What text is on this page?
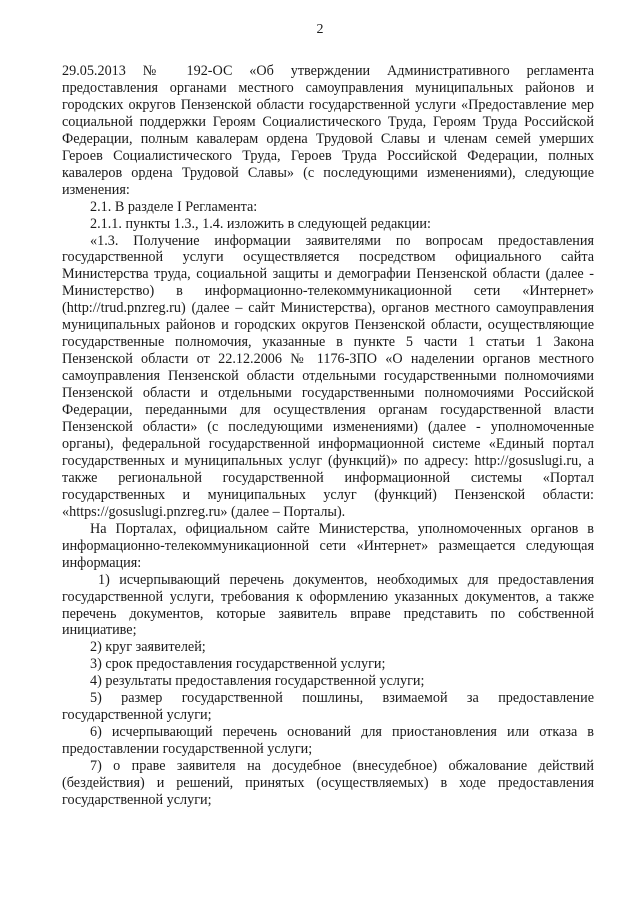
2

29.05.2013 № 192-ОС «Об утверждении Административного регламента предоставления органами местного самоуправления муниципальных районов и городских округов Пензенской области государственной услуги «Предоставление мер социальной поддержки Героям Социалистического Труда, Героям Труда Российской Федерации, полным кавалерам ордена Трудовой Славы и членам семей умерших Героев Социалистического Труда, Героев Труда Российской Федерации, полных кавалеров ордена Трудовой Славы» (с последующими изменениями), следующие изменения:

2.1. В разделе I Регламента:

2.1.1. пункты 1.3., 1.4. изложить в следующей редакции:

«1.3. Получение информации заявителями по вопросам предоставления государственной услуги осуществляется посредством официального сайта Министерства труда, социальной защиты и демографии Пензенской области (далее - Министерство) в информационно-телекоммуникационной сети «Интернет» (http://trud.pnzreg.ru) (далее – сайт Министерства), органов местного самоуправления муниципальных районов и городских округов Пензенской области, осуществляющие государственные полномочия, указанные в пункте 5 части 1 статьи 1 Закона Пензенской области от 22.12.2006 № 1176-ЗПО «О наделении органов местного самоуправления Пензенской области отдельными государственными полномочиями Пензенской области и отдельными государственными полномочиями Российской Федерации, переданными для осуществления органам государственной власти Пензенской области» (с последующими изменениями) (далее - уполномоченные органы), федеральной государственной информационной системе «Единый портал государственных и муниципальных услуг (функций)» по адресу: http://gosuslugi.ru, а также региональной государственной информационной системы «Портал государственных и муниципальных услуг (функций) Пензенской области: «https://gosuslugi.pnzreg.ru» (далее – Порталы).

На Порталах, официальном сайте Министерства, уполномоченных органов в информационно-телекоммуникационной сети «Интернет» размещается следующая информация:

1) исчерпывающий перечень документов, необходимых для предоставления государственной услуги, требования к оформлению указанных документов, а также перечень документов, которые заявитель вправе представить по собственной инициативе;

2) круг заявителей;

3) срок предоставления государственной услуги;

4) результаты предоставления государственной услуги;

5) размер государственной пошлины, взимаемой за предоставление государственной услуги;

6) исчерпывающий перечень оснований для приостановления или отказа в предоставлении государственной услуги;

7) о праве заявителя на досудебное (внесудебное) обжалование действий (бездействия) и решений, принятых (осуществляемых) в ходе предоставления государственной услуги;
